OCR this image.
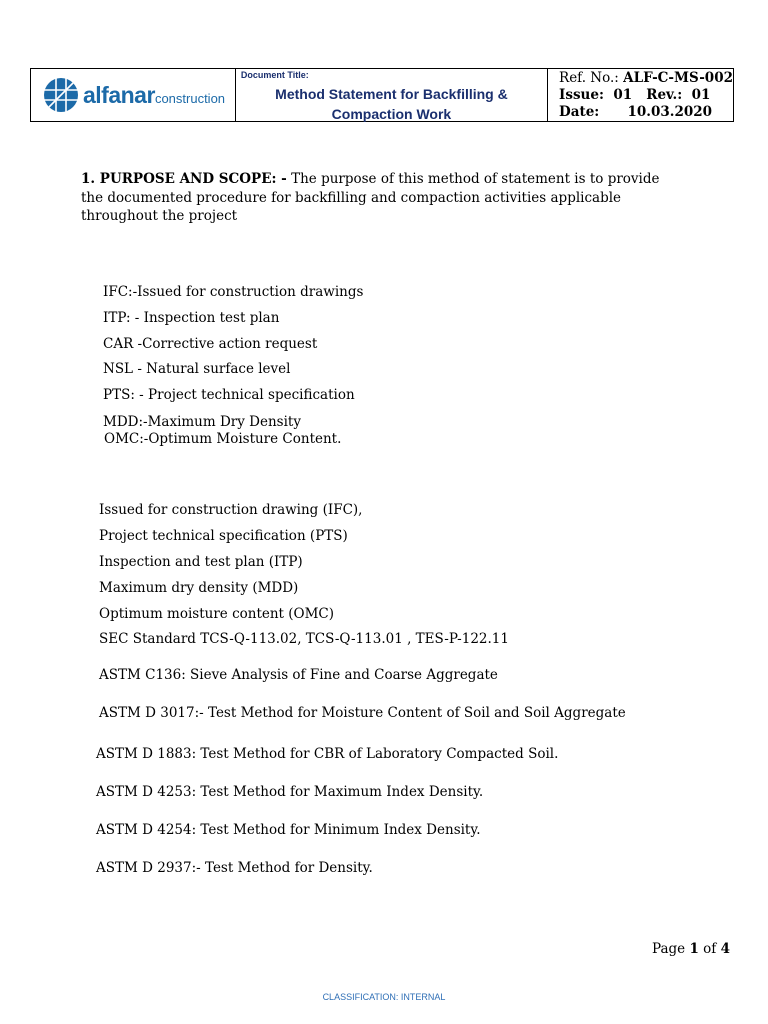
alfanarconstruction
Document Title:
Method Statement for Backfilling &
Compaction Work
Ref. No.: ALF-C-MS-002
Issue: 01 Rev.: 01
Date: 10.03.2020
1. PURPOSE AND SCOPE: - The purpose of this method of statement is to provide the documented procedure for backfilling and compaction activities applicable throughout the project
IFC:-Issued for construction drawings
ITP: - Inspection test plan
CAR -Corrective action request
NSL - Natural surface level
PTS: - Project technical specification
MDD:-Maximum Dry Density
OMC:-Optimum Moisture Content.
Issued for construction drawing (IFC),
Project technical specification (PTS)
Inspection and test plan (ITP)
Maximum dry density (MDD)
Optimum moisture content (OMC)
SEC Standard TCS-Q-113.02, TCS-Q-113.01 , TES-P-122.11
ASTM C136: Sieve Analysis of Fine and Coarse Aggregate
ASTM D 3017:- Test Method for Moisture Content of Soil and Soil Aggregate
ASTM D 1883: Test Method for CBR of Laboratory Compacted Soil.
ASTM D 4253: Test Method for Maximum Index Density.
ASTM D 4254: Test Method for Minimum Index Density.
ASTM D 2937:- Test Method for Density.
Page 1 of 4
CLASSIFICATION: INTERNAL
